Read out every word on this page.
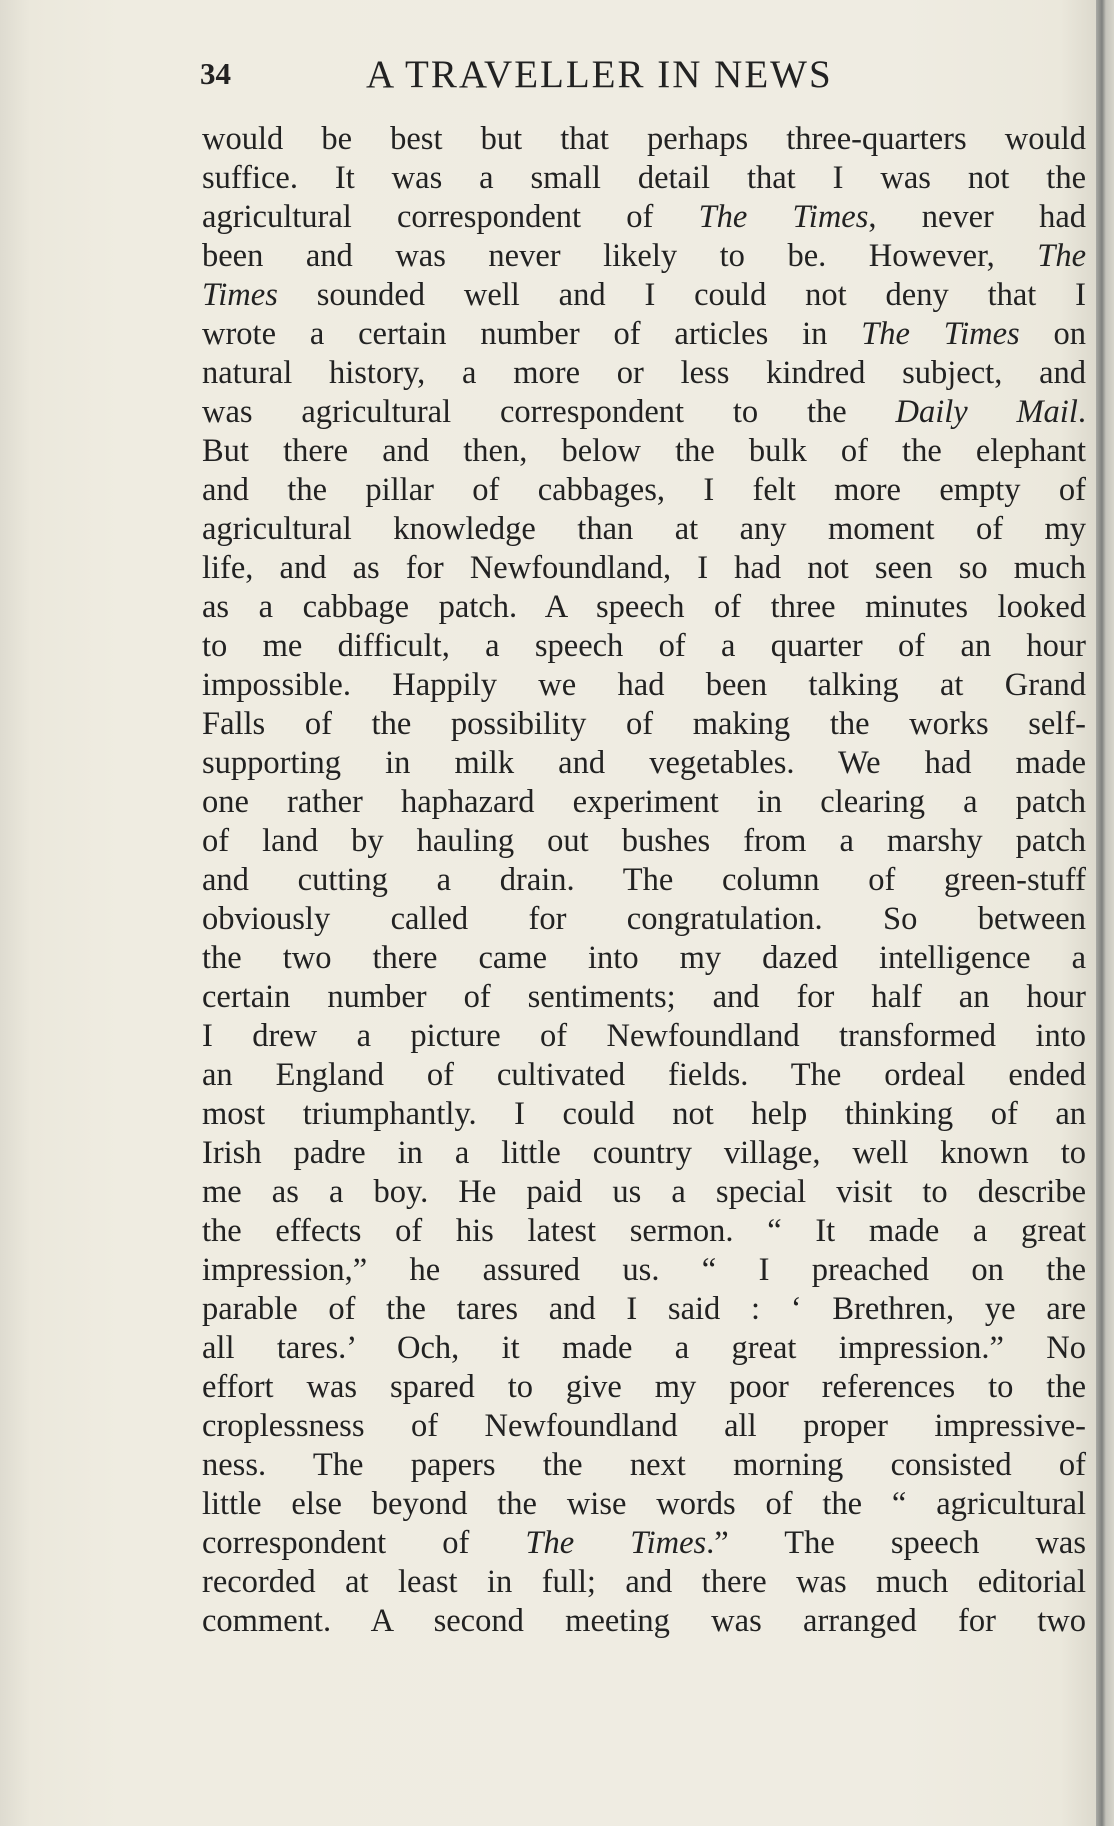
34	A TRAVELLER IN NEWS
would be best but that perhaps three-quarters would
suffice. It was a small detail that I was not the
agricultural correspondent of The Times, never had
been and was never likely to be. However, The
Times sounded well and I could not deny that I
wrote a certain number of articles in The Times on
natural history, a more or less kindred subject, and
was agricultural correspondent to the Daily Mail.
But there and then, below the bulk of the elephant
and the pillar of cabbages, I felt more empty of
agricultural knowledge than at any moment of my
life, and as for Newfoundland, I had not seen so much
as a cabbage patch. A speech of three minutes looked
to me difficult, a speech of a quarter of an hour
impossible. Happily we had been talking at Grand
Falls of the possibility of making the works self-
supporting in milk and vegetables. We had made
one rather haphazard experiment in clearing a patch
of land by hauling out bushes from a marshy patch
and cutting a drain. The column of green-stuff
obviously called for congratulation. So between
the two there came into my dazed intelligence a
certain number of sentiments; and for half an hour
I drew a picture of Newfoundland transformed into
an England of cultivated fields. The ordeal ended
most triumphantly. I could not help thinking of an
Irish padre in a little country village, well known to
me as a boy. He paid us a special visit to describe
the effects of his latest sermon. “ It made a great
impression,” he assured us. “ I preached on the
parable of the tares and I said : ‘ Brethren, ye are
all tares.’ Och, it made a great impression.” No
effort was spared to give my poor references to the
croplessness of Newfoundland all proper impressive-
ness. The papers the next morning consisted of
little else beyond the wise words of the “ agricultural
correspondent of The Times.” The speech was
recorded at least in full; and there was much editorial
comment. A second meeting was arranged for two
